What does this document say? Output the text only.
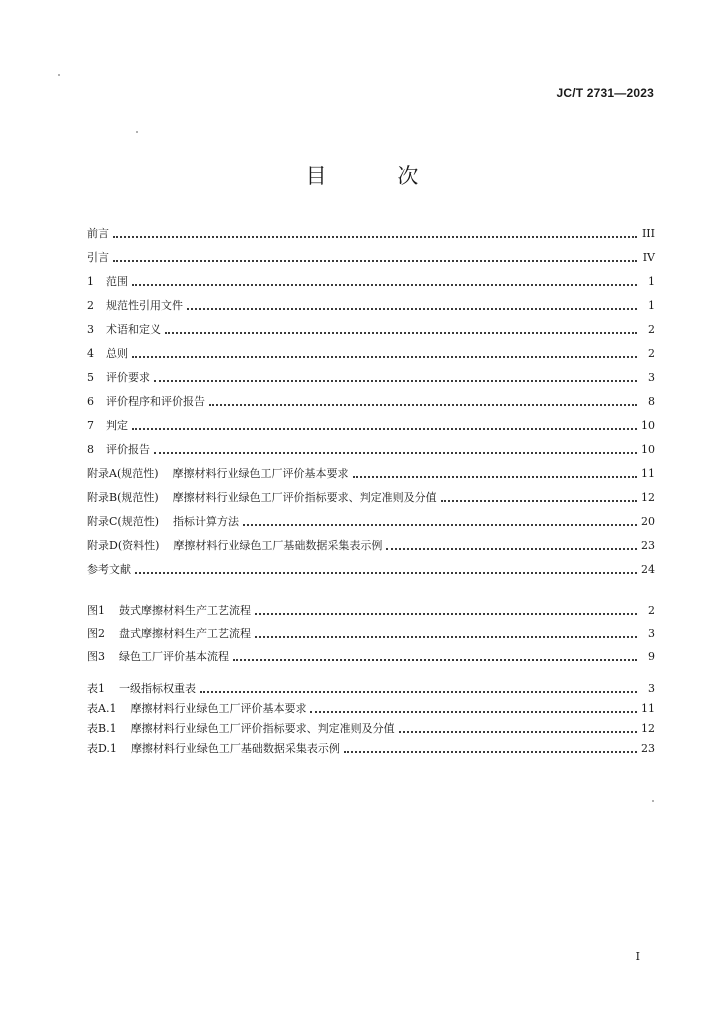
JC/T 2731—2023
目 次
前言	III
引言	IV
1	范围	1
2	规范性引用文件	1
3	术语和定义	2
4	总则	2
5	评价要求	3
6	评价程序和评价报告	8
7	判定	10
8	评价报告	10
附录A(规范性) 摩擦材料行业绿色工厂评价基本要求	11
附录B(规范性) 摩擦材料行业绿色工厂评价指标要求、判定准则及分值	12
附录C(规范性) 指标计算方法	20
附录D(资料性) 摩擦材料行业绿色工厂基础数据采集表示例	23
参考文献	24
图1 鼓式摩擦材料生产工艺流程	2
图2 盘式摩擦材料生产工艺流程	3
图3 绿色工厂评价基本流程	9
表1 一级指标权重表	3
表A.1 摩擦材料行业绿色工厂评价基本要求	11
表B.1 摩擦材料行业绿色工厂评价指标要求、判定准则及分值	12
表D.1 摩擦材料行业绿色工厂基础数据采集表示例	23
I
